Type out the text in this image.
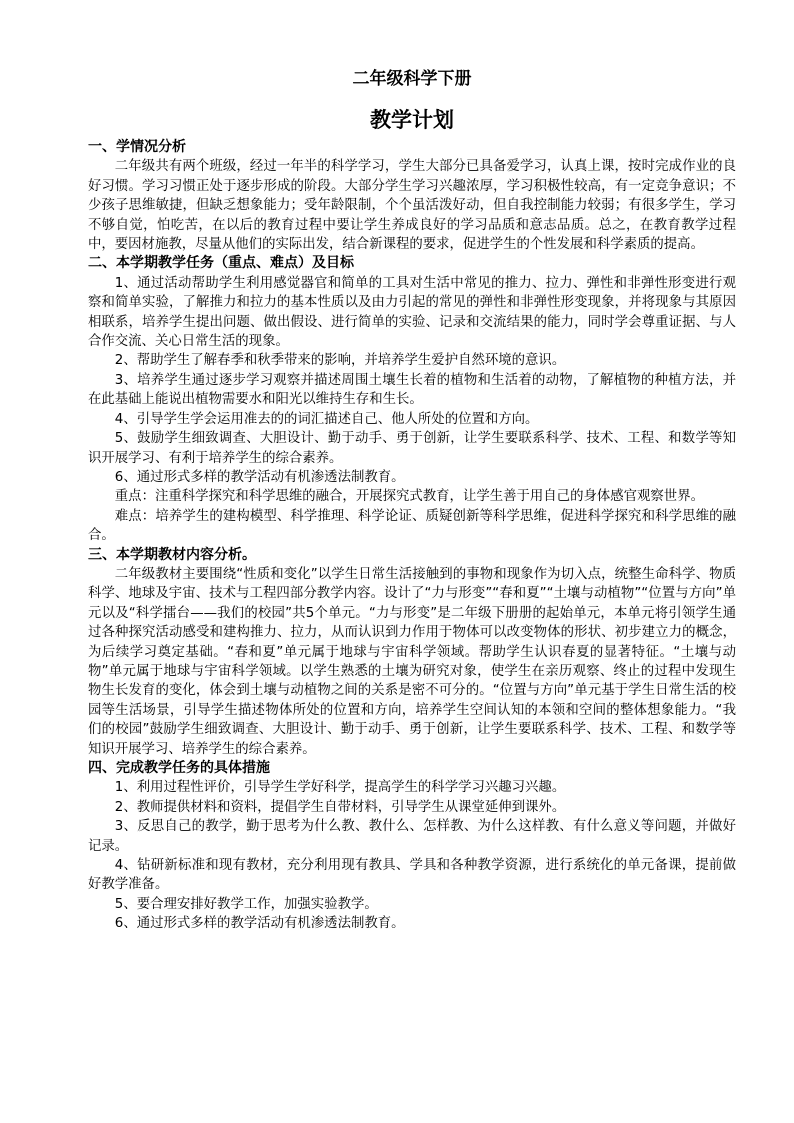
二年级科学下册
教学计划
一、学情况分析

二年级共有两个班级，经过一年半的科学学习，学生大部分已具备爱学习，认真上课，按时完成作业的良好习惯。学习习惯正处于逐步形成的阶段。大部分学生学习兴趣浓厚，学习积极性较高，有一定竞争意识；不少孩子思维敏捷，但缺乏想象能力；受年龄限制，个个虽活泼好动，但自我控制能力较弱；有很多学生，学习不够自觉，怕吃苦，在以后的教育过程中要让学生养成良好的学习品质和意志品质。总之，在教育教学过程中，要因材施教，尽量从他们的实际出发，结合新课程的要求，促进学生的个性发展和科学素质的提高。

二、本学期教学任务（重点、难点）及目标

1、通过活动帮助学生利用感觉器官和简单的工具对生活中常见的推力、拉力、弹性和非弹性形变进行观察和简单实验，了解推力和拉力的基本性质以及由力引起的常见的弹性和非弹性形变现象，并将现象与其原因相联系，培养学生提出问题、做出假设、进行简单的实验、记录和交流结果的能力，同时学会尊重证据、与人合作交流、关心日常生活的现象。

2、帮助学生了解春季和秋季带来的影响，并培养学生爱护自然环境的意识。

3、培养学生通过逐步学习观察并描述周围土壤生长着的植物和生活着的动物，了解植物的种植方法，并在此基础上能说出植物需要水和阳光以维持生存和生长。

4、引导学生学会运用准去的的词汇描述自己、他人所处的位置和方向。

5、鼓励学生细致调查、大胆设计、勤于动手、勇于创新，让学生要联系科学、技术、工程、和数学等知识开展学习、有利于培养学生的综合素养。

6、通过形式多样的教学活动有机渗透法制教育。

重点：注重科学探究和科学思维的融合，开展探究式教育，让学生善于用自己的身体感官观察世界。

难点：培养学生的建构模型、科学推理、科学论证、质疑创新等科学思维，促进科学探究和科学思维的融合。

三、本学期教材内容分析。

二年级教材主要围绕“性质和变化”以学生日常生活接触到的事物和现象作为切入点，统整生命科学、物质科学、地球及宇宙、技术与工程四部分教学内容。设计了“力与形变”“春和夏”“土壤与动植物”“位置与方向”单元以及“科学擂台——我们的校园”共5个单元。“力与形变”是二年级下册册的起始单元，本单元将引领学生通过各种探究活动感受和建构推力、拉力，从而认识到力作用于物体可以改变物体的形状、初步建立力的概念，为后续学习奠定基础。“春和夏”单元属于地球与宇宙科学领域。帮助学生认识春夏的显著特征。“土壤与动物”单元属于地球与宇宙科学领域。以学生熟悉的土壤为研究对象，使学生在亲历观察、终止的过程中发现生物生长发育的变化，体会到土壤与动植物之间的关系是密不可分的。“位置与方向”单元基于学生日常生活的校园等生活场景，引导学生描述物体所处的位置和方向，培养学生空间认知的本领和空间的整体想象能力。“我们的校园”鼓励学生细致调查、大胆设计、勤于动手、勇于创新，让学生要联系科学、技术、工程、和数学等知识开展学习、培养学生的综合素养。

四、完成教学任务的具体措施

1、利用过程性评价，引导学生学好科学，提高学生的科学学习兴趣习兴趣。

2、教师提供材料和资料，提倡学生自带材料，引导学生从课堂延伸到课外。

3、反思自己的教学，勤于思考为什么教、教什么、怎样教、为什么这样教、有什么意义等问题，并做好记录。

4、钻研新标准和现有教材，充分利用现有教具、学具和各种教学资源，进行系统化的单元备课，提前做好教学准备。

5、要合理安排好教学工作，加强实验教学。

6、通过形式多样的教学活动有机渗透法制教育。
